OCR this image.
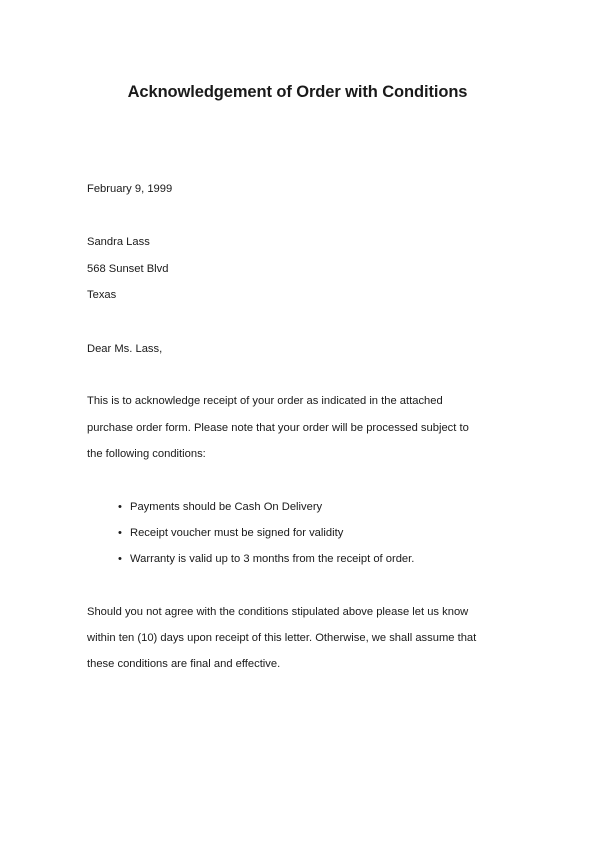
Acknowledgement of Order with Conditions

February 9, 1999

Sandra Lass

568 Sunset Blvd

Texas

Dear Ms. Lass,

This is to acknowledge receipt of your order as indicated in the attached

purchase order form. Please note that your order will be processed subject to

the following conditions:

• Payments should be Cash On Delivery
• Receipt voucher must be signed for validity
• Warranty is valid up to 3 months from the receipt of order.

Should you not agree with the conditions stipulated above please let us know

within ten (10) days upon receipt of this letter. Otherwise, we shall assume that

these conditions are final and effective.
